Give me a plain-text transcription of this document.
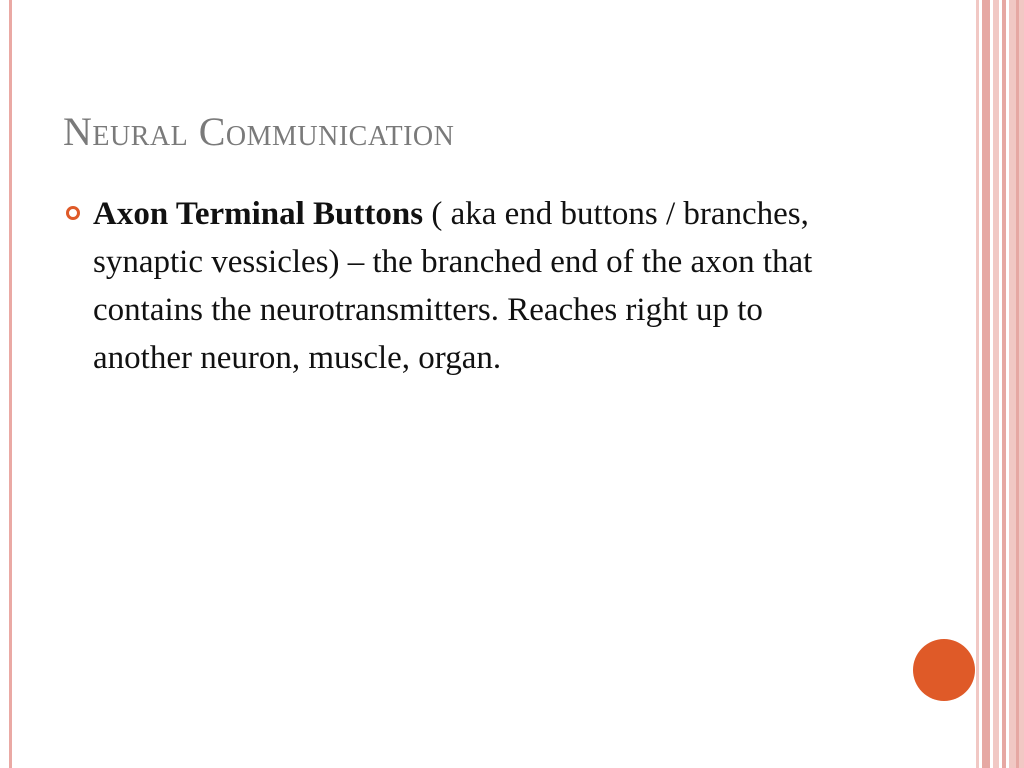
Neural Communication
Axon Terminal Buttons ( aka end buttons / branches, synaptic vessicles) – the branched end of the axon that contains the neurotransmitters. Reaches right up to another neuron, muscle, organ.
